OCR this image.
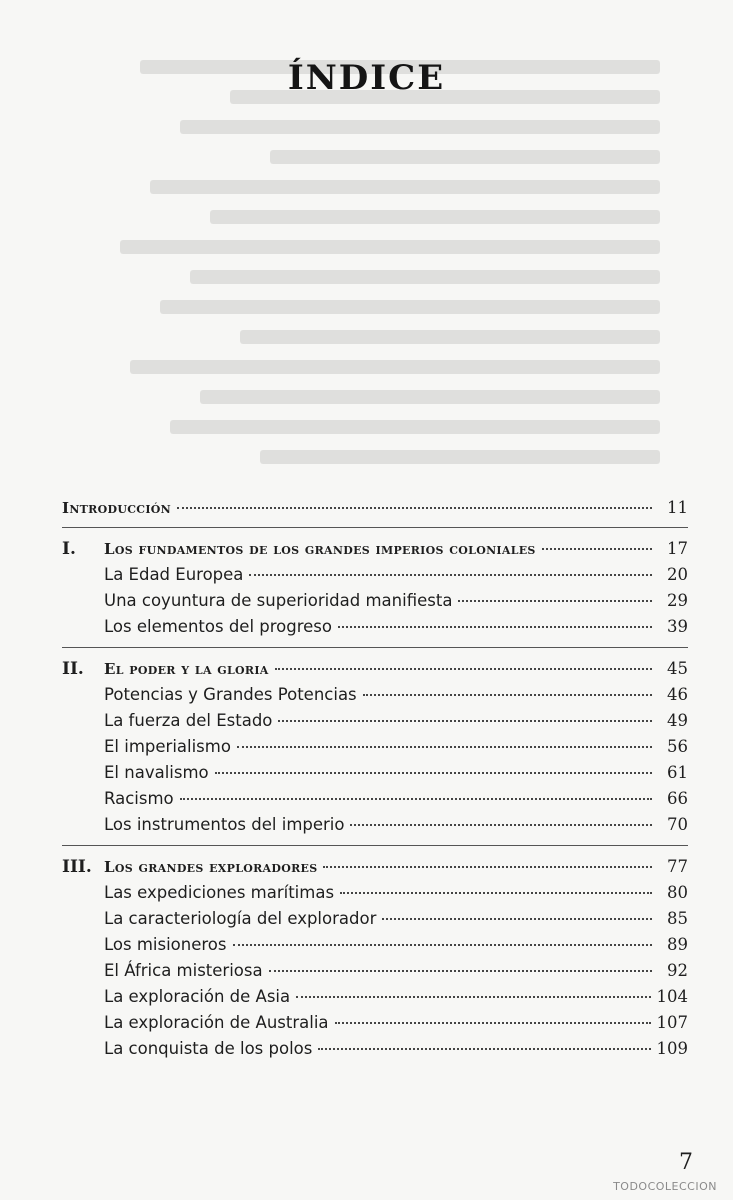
ÍNDICE
Introducción	11
I. Los fundamentos de los grandes imperios coloniales	17
La Edad Europea	20
Una coyuntura de superioridad manifiesta	29
Los elementos del progreso	39
II. El poder y la gloria	45
Potencias y Grandes Potencias	46
La fuerza del Estado	49
El imperialismo	56
El navalismo	61
Racismo	66
Los instrumentos del imperio	70
III. Los grandes exploradores	77
Las expediciones marítimas	80
La caracteriología del explorador	85
Los misioneros	89
El África misteriosa	92
La exploración de Asia	104
La exploración de Australia	107
La conquista de los polos	109
7
TODOCOLECCION
